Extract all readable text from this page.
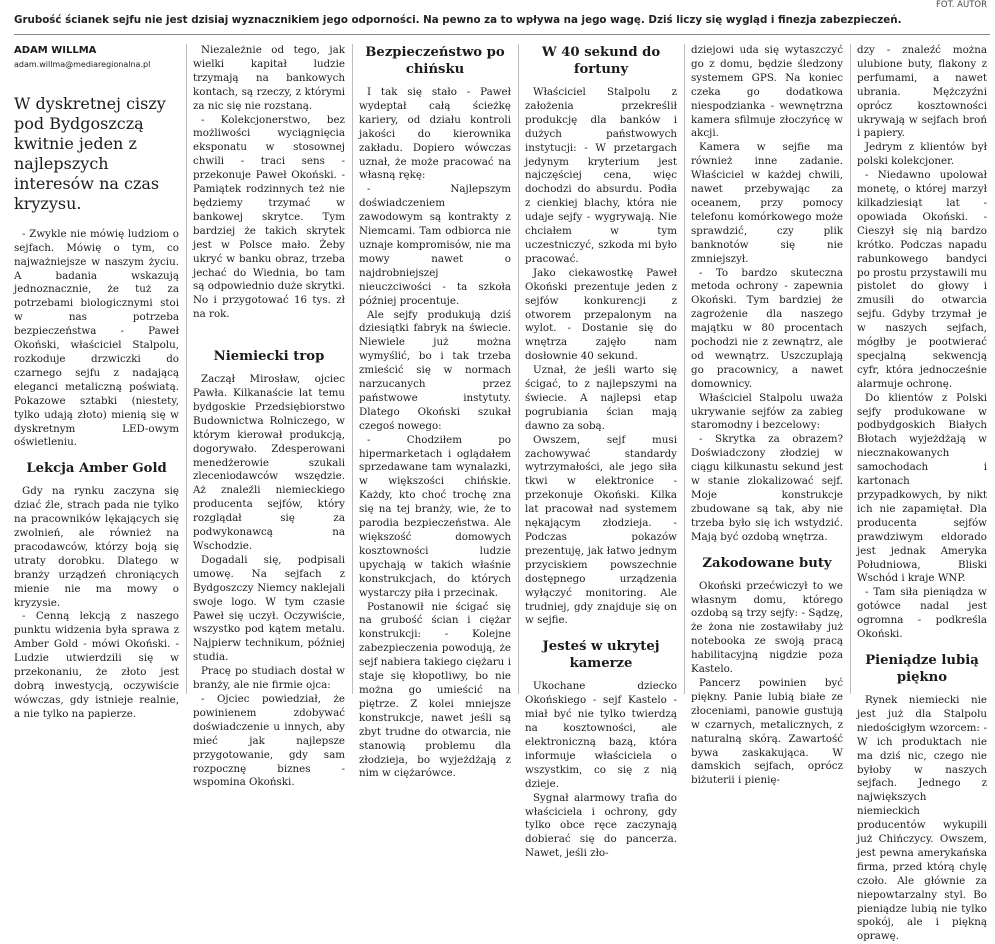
FOT. AUTOR
Grubość ścianek sejfu nie jest dzisiaj wyznacznikiem jego odporności. Na pewno za to wpływa na jego wagę. Dziś liczy się wygląd i finezja zabezpieczeń.

ADAM WILLMA

adam.willma@mediaregionalna.pl

W dyskretnej ciszy pod Bydgoszczą kwitnie jeden z najlepszych interesów na czas kryzysu.

- Zwykle nie mówię ludziom o sejfach. Mówię o tym, co najważniejsze w naszym życiu. A badania wskazują jednoznacznie, że tuż za potrzebami biologicznymi stoi w nas potrzeba bezpieczeństwa - Paweł Okoński, właściciel Stalpolu, rozkoduje drzwiczki do czarnego sejfu z nadającą eleganci metaliczną poświatą. Pokazowe sztabki (niestety, tylko udają złoto) mienią się w dyskretnym LED-owym oświetleniu.

Lekcja Amber Gold

Gdy na rynku zaczyna się dziać źle, strach pada nie tylko na pracowników lękających się zwolnień, ale również na pracodawców, którzy boją się utraty dorobku. Dlatego w branży urządzeń chroniących mienie nie ma mowy o kryzysie.

- Cenną lekcją z naszego punktu widzenia była sprawa z Amber Gold - mówi Okoński. - Ludzie utwierdzili się w przekonaniu, że złoto jest dobrą inwestycją, oczywiście wówczas, gdy istnieje realnie, a nie tylko na papierze.

Niezależnie od tego, jak wielki kapitał ludzie trzymają na bankowych kontach, są rzeczy, z którymi za nic się nie rozstaną.

- Kolekcjonerstwo, bez możliwości wyciągnięcia eksponatu w stosownej chwili - traci sens - przekonuje Paweł Okoński. - Pamiątek rodzinnych też nie będziemy trzymać w bankowej skrytce. Tym bardziej że takich skrytek jest w Polsce mało. Żeby ukryć w banku obraz, trzeba jechać do Wiednia, bo tam są odpowiednio duże skrytki. No i przygotować 16 tys. zł na rok.

Niemiecki trop

Zaczął Mirosław, ojciec Pawła. Kilkanaście lat temu bydgoskie Przedsiębiorstwo Budownictwa Rolniczego, w którym kierował produkcją, dogorywało. Zdesperowani menedżerowie szukali zleceniodawców wszędzie. Aż znaleźli niemieckiego producenta sejfów, który rozglądał się za podwykonawcą na Wschodzie.

Dogadali się, podpisali umowę. Na sejfach z Bydgoszczy Niemcy naklejali swoje logo. W tym czasie Paweł się uczył. Oczywiście, wszystko pod kątem metalu. Najpierw technikum, później studia.

Pracę po studiach dostał w branży, ale nie firmie ojca:

- Ojciec powiedział, że powinienem zdobywać doświadczenie u innych, aby mieć jak najlepsze przygotowanie, gdy sam rozpocznę biznes - wspomina Okoński.

Bezpieczeństwo po chińsku

I tak się stało - Paweł wydeptał całą ścieżkę kariery, od działu kontroli jakości do kierownika zakładu. Dopiero wówczas uznał, że może pracować na własną rękę:

- Najlepszym doświadczeniem zawodowym są kontrakty z Niemcami. Tam odbiorca nie uznaje kompromisów, nie ma mowy nawet o najdrobniejszej nieuczciwości - ta szkoła później procentuje.

Ale sejfy produkują dziś dziesiątki fabryk na świecie. Niewiele już można wymyślić, bo i tak trzeba zmieścić się w normach narzucanych przez państwowe instytuty. Dlatego Okoński szukał czegoś nowego:

- Chodziłem po hipermarketach i oglądałem sprzedawane tam wynalazki, w większości chińskie. Każdy, kto choć trochę zna się na tej branży, wie, że to parodia bezpieczeństwa. Ale większość domowych kosztowności ludzie upychają w takich właśnie konstrukcjach, do których wystarczy piła i przecinak.

Postanowił nie ścigać się na grubość ścian i ciężar konstrukcji: - Kolejne zabezpieczenia powodują, że sejf nabiera takiego ciężaru i staje się kłopotliwy, bo nie można go umieścić na piętrze. Z kolei mniejsze konstrukcje, nawet jeśli są zbyt trudne do otwarcia, nie stanowią problemu dla złodzieja, bo wyjeżdżają z nim w ciężarówce.

W 40 sekund do fortuny

Właściciel Stalpolu z założenia przekreślił produkcję dla banków i dużych państwowych instytucji: - W przetargach jedynym kryterium jest najczęściej cena, więc dochodzi do absurdu. Podła z cienkiej blachy, która nie udaje sejfy - wygrywają. Nie chciałem w tym uczestniczyć, szkoda mi było pracować.

Jako ciekawostkę Paweł Okoński prezentuje jeden z sejfów konkurencji z otworem przepalonym na wylot. - Dostanie się do wnętrza zajęło nam dosłownie 40 sekund.

Uznał, że jeśli warto się ścigać, to z najlepszymi na świecie. A najlepsi etap pogrubiania ścian mają dawno za sobą.

Owszem, sejf musi zachowywać standardy wytrzymałości, ale jego siła tkwi w elektronice - przekonuje Okoński. Kilka lat pracował nad systemem nękającym złodzieja. - Podczas pokazów prezentuję, jak łatwo jednym przyciskiem powszechnie dostępnego urządzenia wyłączyć monitoring. Ale trudniej, gdy znajduje się on w sejfie.

Jesteś w ukrytej kamerze

Ukochane dziecko Okońskiego - sejf Kastelo - miał być nie tylko twierdzą na kosztowności, ale elektroniczną bazą, która informuje właściciela o wszystkim, co się z nią dzieje.

Sygnał alarmowy trafia do właściciela i ochrony, gdy tylko obce ręce zaczynają dobierać się do pancerza. Nawet, jeśli zło-

dziejowi uda się wytaszczyć go z domu, będzie śledzony systemem GPS. Na koniec czeka go dodatkowa niespodzianka - wewnętrzna kamera sfilmuje złoczyńcę w akcji.

Kamera w sejfie ma również inne zadanie. Właściciel w każdej chwili, nawet przebywając za oceanem, przy pomocy telefonu komórkowego może sprawdzić, czy plik banknotów się nie zmniejszył.

- To bardzo skuteczna metoda ochrony - zapewnia Okoński. Tym bardziej że zagrożenie dla naszego majątku w 80 procentach pochodzi nie z zewnątrz, ale od wewnątrz. Uszczuplają go pracownicy, a nawet domownicy.

Właściciel Stalpolu uważa ukrywanie sejfów za zabieg staromodny i bezcelowy:

- Skrytka za obrazem? Doświadczony złodziej w ciągu kilkunastu sekund jest w stanie zlokalizować sejf. Moje konstrukcje zbudowane są tak, aby nie trzeba było się ich wstydzić. Mają być ozdobą wnętrza.

Zakodowane buty

Okoński przećwiczył to we własnym domu, którego ozdobą są trzy sejfy: - Sądzę, że żona nie zostawiłaby już notebooka ze swoją pracą habilitacyjną nigdzie poza Kastelo.

Pancerz powinien być piękny. Panie lubią białe ze złoceniami, panowie gustują w czarnych, metalicznych, z naturalną skórą. Zawartość bywa zaskakująca. W damskich sejfach, oprócz biżuterii i pienię-

dzy - znaleźć można ulubione buty, flakony z perfumami, a nawet ubrania. Mężczyźni oprócz kosztowności ukrywają w sejfach broń i papiery.

Jedrym z klientów był polski kolekcjoner.

- Niedawno upolował monetę, o której marzył kilkadziesiąt lat - opowiada Okoński. - Cieszył się nią bardzo krótko. Podczas napadu rabunkowego bandyci po prostu przystawili mu pistolet do głowy i zmusili do otwarcia sejfu. Gdyby trzymał je w naszych sejfach, mógłby je pootwierać specjalną sekwencją cyfr, która jednocześnie alarmuje ochronę.

Do klientów z Polski sejfy produkowane w podbydgoskich Białych Błotach wyjeżdżają w niecznakowanych samochodach i kartonach przypadkowych, by nikt ich nie zapamiętał. Dla producenta sejfów prawdziwym eldorado jest jednak Ameryka Południowa, Bliski Wschód i kraje WNP.

- Tam siła pieniądza w gotówce nadal jest ogromna - podkreśla Okoński.

Pieniądze lubią piękno

Rynek niemiecki nie jest już dla Stalpolu niedościgłym wzorcem: - W ich produktach nie ma dziś nic, czego nie byłoby w naszych sejfach. Jednego z największych niemieckich producentów wykupili już Chińczycy. Owszem, jest pewna amerykańska firma, przed którą chylę czoło. Ale głównie za niepowtarzalny styl. Bo pieniądze lubią nie tylko spokój, ale i piękną oprawę.
